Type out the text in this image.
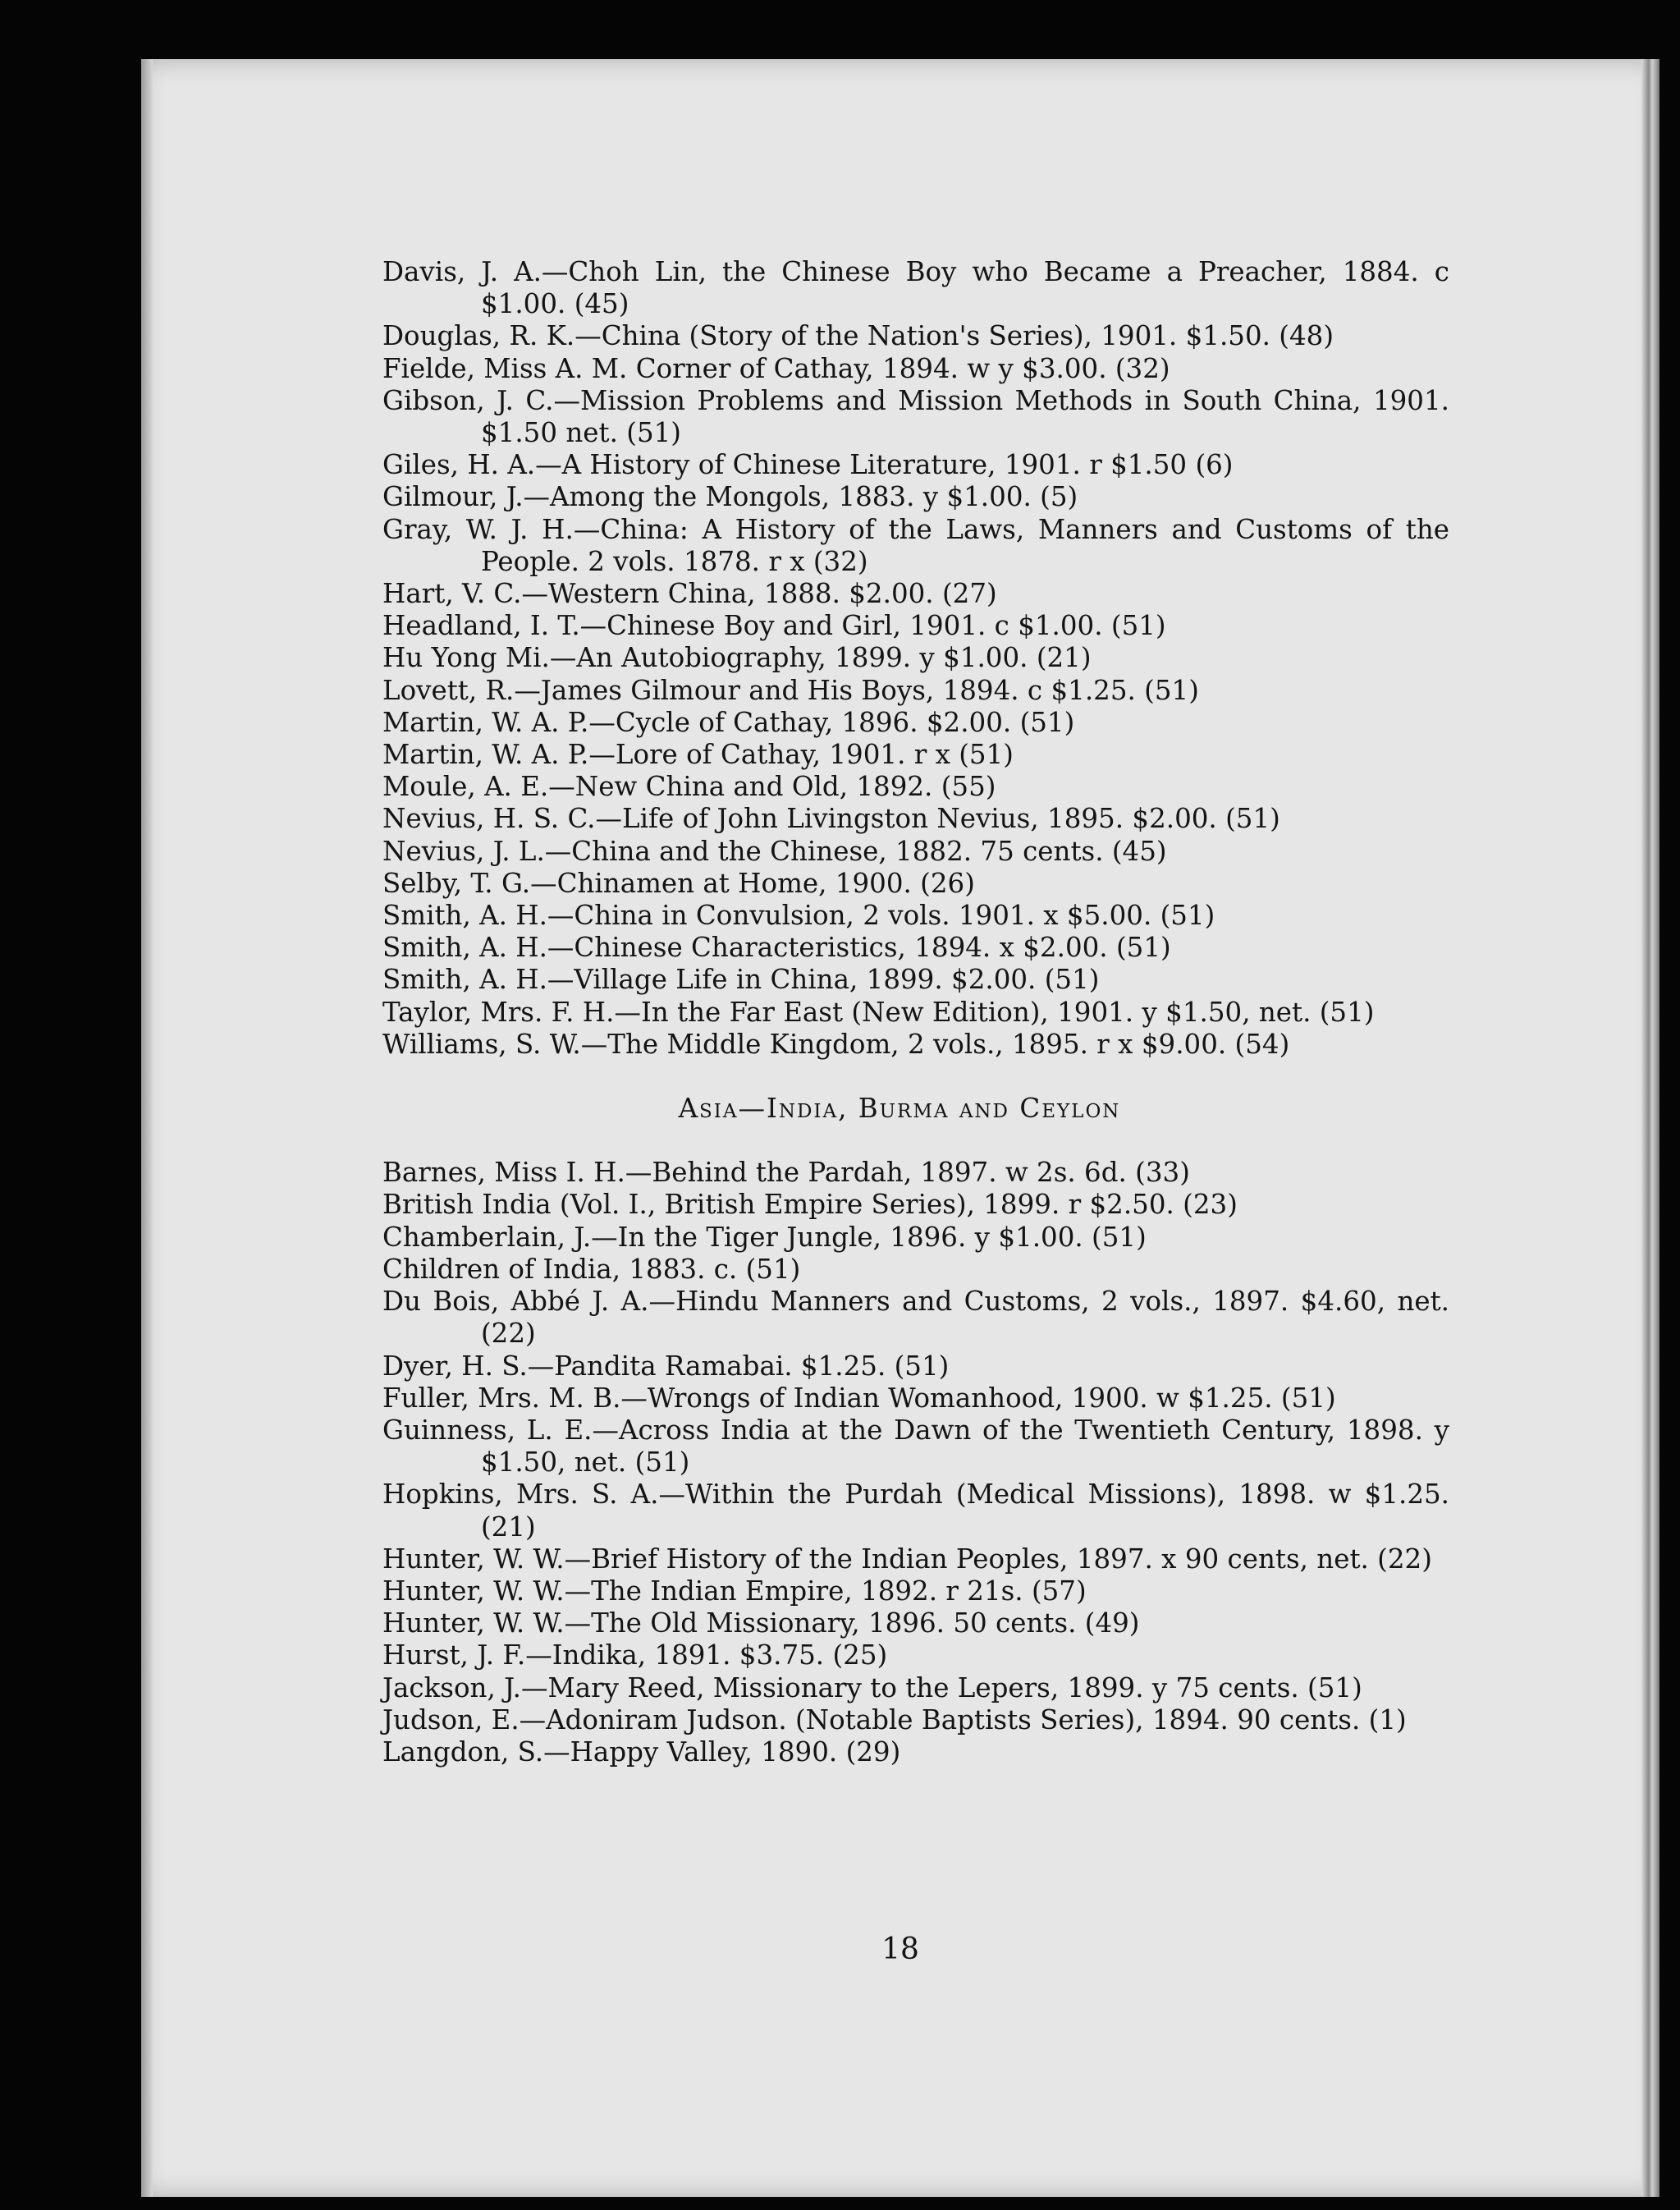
Davis, J. A.—Choh Lin, the Chinese Boy who Became a Preacher, 1884. c $1.00. (45)
Douglas, R. K.—China (Story of the Nation's Series), 1901. $1.50. (48)
Fielde, Miss A. M. Corner of Cathay, 1894. w y $3.00. (32)
Gibson, J. C.—Mission Problems and Mission Methods in South China, 1901. $1.50 net. (51)
Giles, H. A.—A History of Chinese Literature, 1901. r $1.50 (6)
Gilmour, J.—Among the Mongols, 1883. y $1.00. (5)
Gray, W. J. H.—China: A History of the Laws, Manners and Customs of the People. 2 vols. 1878. r x (32)
Hart, V. C.—Western China, 1888. $2.00. (27)
Headland, I. T.—Chinese Boy and Girl, 1901. c $1.00. (51)
Hu Yong Mi.—An Autobiography, 1899. y $1.00. (21)
Lovett, R.—James Gilmour and His Boys, 1894. c $1.25. (51)
Martin, W. A. P.—Cycle of Cathay, 1896. $2.00. (51)
Martin, W. A. P.—Lore of Cathay, 1901. r x (51)
Moule, A. E.—New China and Old, 1892. (55)
Nevius, H. S. C.—Life of John Livingston Nevius, 1895. $2.00. (51)
Nevius, J. L.—China and the Chinese, 1882. 75 cents. (45)
Selby, T. G.—Chinamen at Home, 1900. (26)
Smith, A. H.—China in Convulsion, 2 vols. 1901. x $5.00. (51)
Smith, A. H.—Chinese Characteristics, 1894. x $2.00. (51)
Smith, A. H.—Village Life in China, 1899. $2.00. (51)
Taylor, Mrs. F. H.—In the Far East (New Edition), 1901. y $1.50, net. (51)
Williams, S. W.—The Middle Kingdom, 2 vols., 1895. r x $9.00. (54)
Asia—India, Burma and Ceylon
Barnes, Miss I. H.—Behind the Pardah, 1897. w 2s. 6d. (33)
British India (Vol. I., British Empire Series), 1899. r $2.50. (23)
Chamberlain, J.—In the Tiger Jungle, 1896. y $1.00. (51)
Children of India, 1883. c. (51)
Du Bois, Abbé J. A.—Hindu Manners and Customs, 2 vols., 1897. $4.60, net. (22)
Dyer, H. S.—Pandita Ramabai. $1.25. (51)
Fuller, Mrs. M. B.—Wrongs of Indian Womanhood, 1900. w $1.25. (51)
Guinness, L. E.—Across India at the Dawn of the Twentieth Century, 1898. y $1.50, net. (51)
Hopkins, Mrs. S. A.—Within the Purdah (Medical Missions), 1898. w $1.25. (21)
Hunter, W. W.—Brief History of the Indian Peoples, 1897. x 90 cents, net. (22)
Hunter, W. W.—The Indian Empire, 1892. r 21s. (57)
Hunter, W. W.—The Old Missionary, 1896. 50 cents. (49)
Hurst, J. F.—Indika, 1891. $3.75. (25)
Jackson, J.—Mary Reed, Missionary to the Lepers, 1899. y 75 cents. (51)
Judson, E.—Adoniram Judson. (Notable Baptists Series), 1894. 90 cents. (1)
Langdon, S.—Happy Valley, 1890. (29)
18
